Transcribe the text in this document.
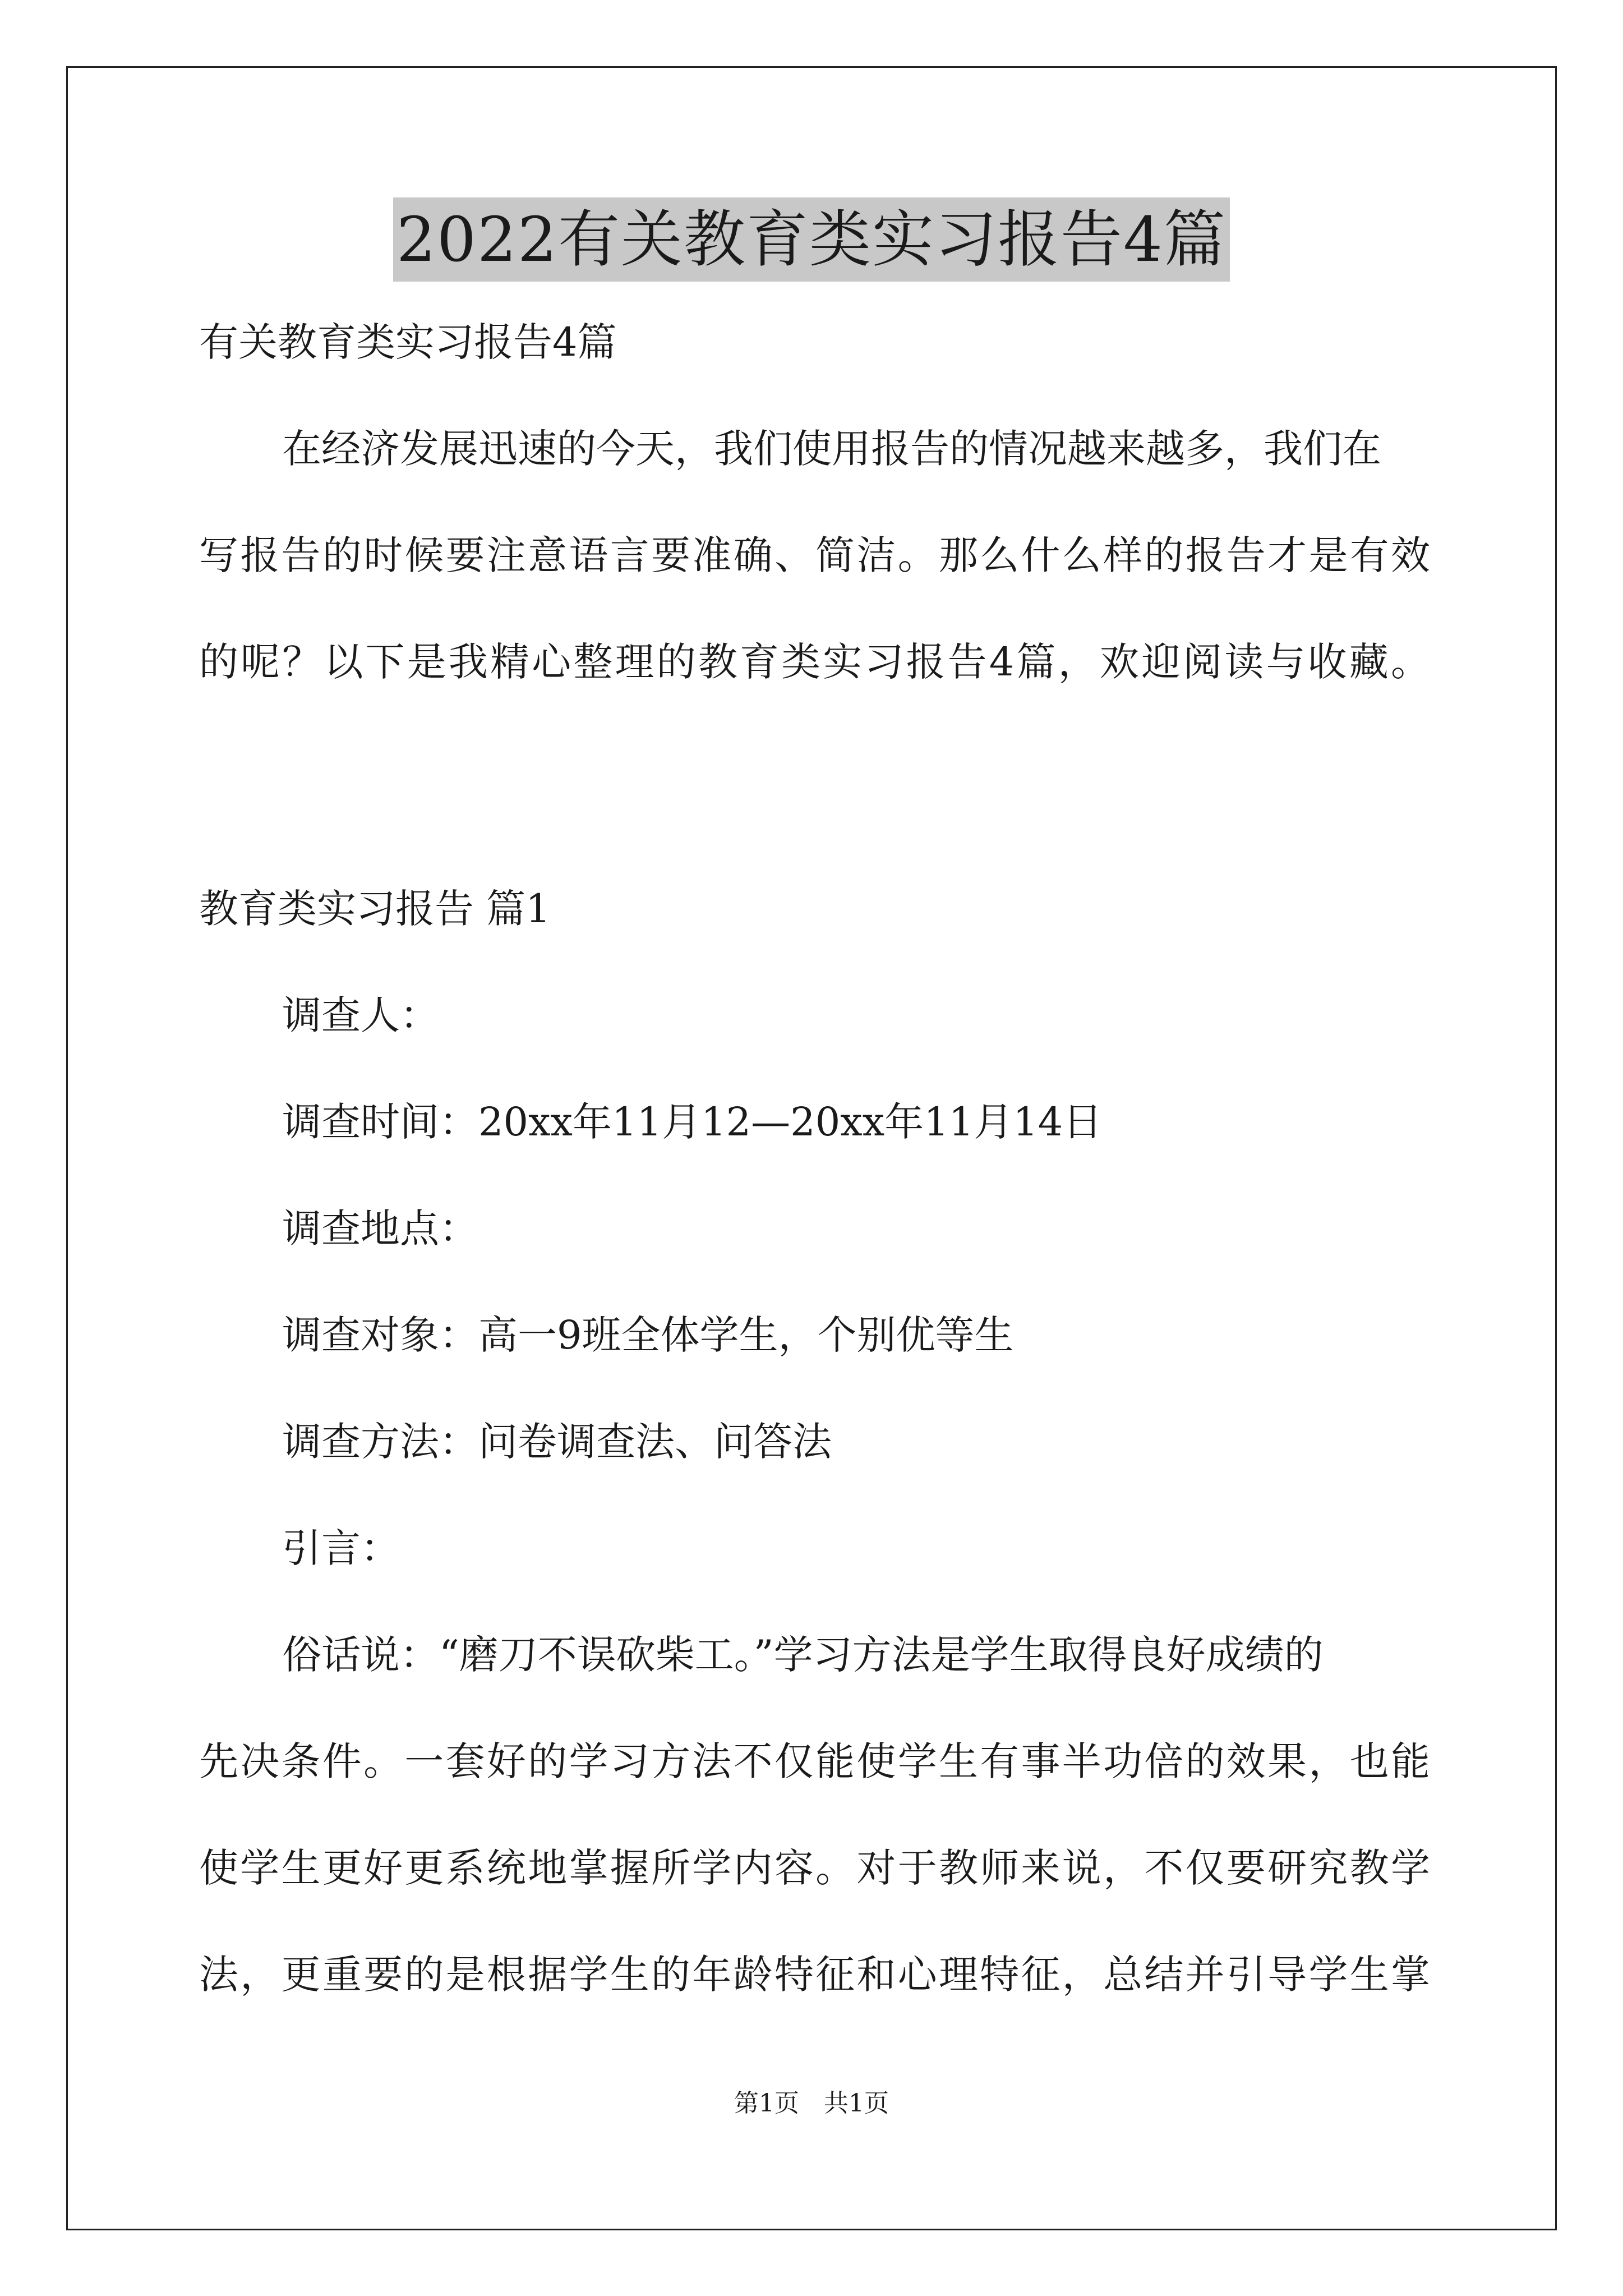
2022有关教育类实习报告4篇
有关教育类实习报告4篇
在经济发展迅速的今天，我们使用报告的情况越来越多，我们在
写报告的时候要注意语言要准确、简洁。那么什么样的报告才是有效
的呢？以下是我精心整理的教育类实习报告4篇，欢迎阅读与收藏。
教育类实习报告 篇1
调查人：
调查时间：20xx年11月12—20xx年11月14日
调查地点：
调查对象：高一9班全体学生，个别优等生
调查方法：问卷调查法、问答法
引言：
俗话说：“磨刀不误砍柴工。”学习方法是学生取得良好成绩的
先决条件。一套好的学习方法不仅能使学生有事半功倍的效果，也能
使学生更好更系统地掌握所学内容。对于教师来说，不仅要研究教学
法，更重要的是根据学生的年龄特征和心理特征，总结并引导学生掌
第1页　共1页
